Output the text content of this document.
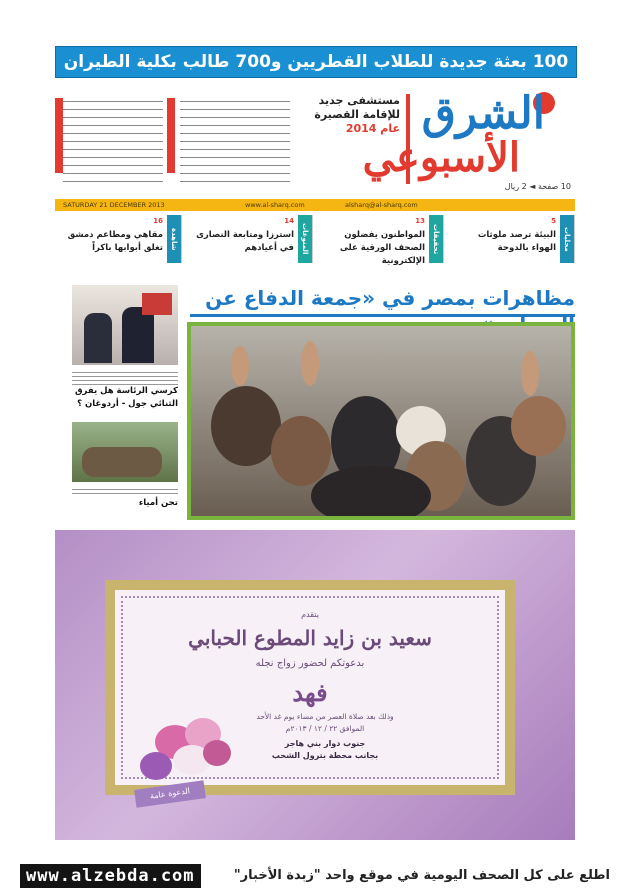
100 بعثة جديدة للطلاب القطريين و700 طالب بكلية الطيران
الشرق
الأسبوعي
10 صفحة ◄ 2 ريال
مستشفى جديد
للإقامة القصيرة
عام 2014
SATURDAY 21 DECEMBER 2013	www.al-sharq.com	alsharq@al-sharq.com
محليات
5
البيئة ترصد ملوثات الهواء بالدوحة
تحقيقات
13
المواطنون يفضلون الصحف الورقية على الإلكترونية
المنوعات
14
استرزا ومتابعة النصارى في أعيادهم
شاهدة
16
مقاهي ومطاعم دمشق تغلق أبوابها باكراً
مظاهرات بمصر في «جمعة الدفاع عن
كرسي الرئاسة هل يفرق الثنائي جول - أردوغان ؟
تحن أمياء
يتقدم
سعيد بن زايد المطوع الحبابي
بدعوتكم لحضور زواج نجله
فهد
وذلك بعد صلاة العصر من مساء يوم غد الأحد
الموافق ٢٢ / ١٢ / ٢٠١٣م
جنوب دوار بني هاجر
بجانب محطة بترول الشحب
الدعوة عامة
www.alzebda.com	اطلع على كل الصحف اليومية في موقع واحد "زبدة الأخبار"
